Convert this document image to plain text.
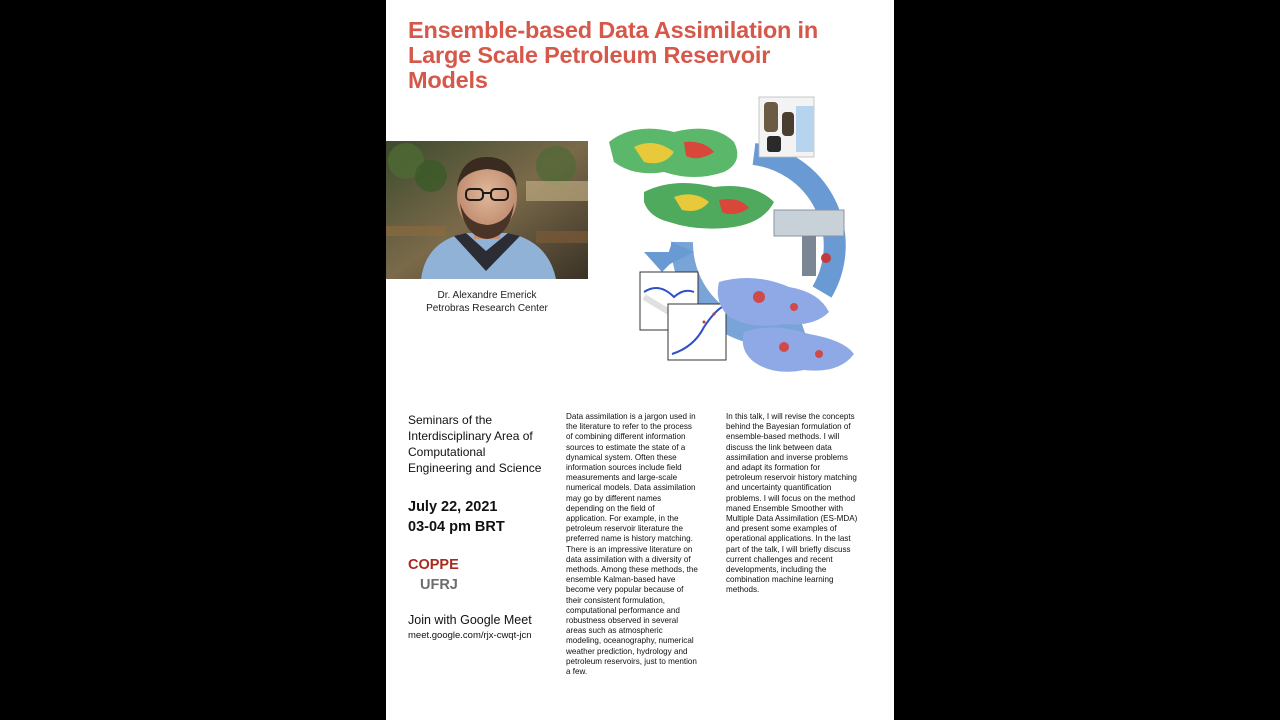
Ensemble-based Data Assimilation in
Large Scale Petroleum Reservoir
Models
Dr. Alexandre Emerick
Petrobras Research Center
Seminars of the
Interdisciplinary Area of
Computational
Engineering and Science
July 22, 2021
03-04 pm BRT
COPPE
UFRJ
Join with Google Meet
meet.google.com/rjx-cwqt-jcn
Data assimilation is a jargon used in
the literature to refer to the process
of combining different information
sources to estimate the state of a
dynamical system. Often these
information sources include field
measurements and large-scale
numerical models. Data assimilation
may go by different names
depending on the field of
application. For example, in the
petroleum reservoir literature the
preferred name is history matching.
There is an impressive literature on
data assimilation with a diversity of
methods. Among these methods, the
ensemble Kalman-based have
become very popular because of
their consistent formulation,
computational performance and
robustness observed in several
areas such as atmospheric
modeling, oceanography, numerical
weather prediction, hydrology and
petroleum reservoirs, just to mention
a few.
In this talk, I will revise the concepts
behind the Bayesian formulation of
ensemble-based methods. I will
discuss the link between data
assimilation and inverse problems
and adapt its formation for
petroleum reservoir history matching
and uncertainty quantification
problems. I will focus on the method
maned Ensemble Smoother with
Multiple Data Assimilation (ES-MDA)
and present some examples of
operational applications. In the last
part of the talk, I will briefly discuss
current challenges and recent
developments, including the
combination machine learning
methods.
